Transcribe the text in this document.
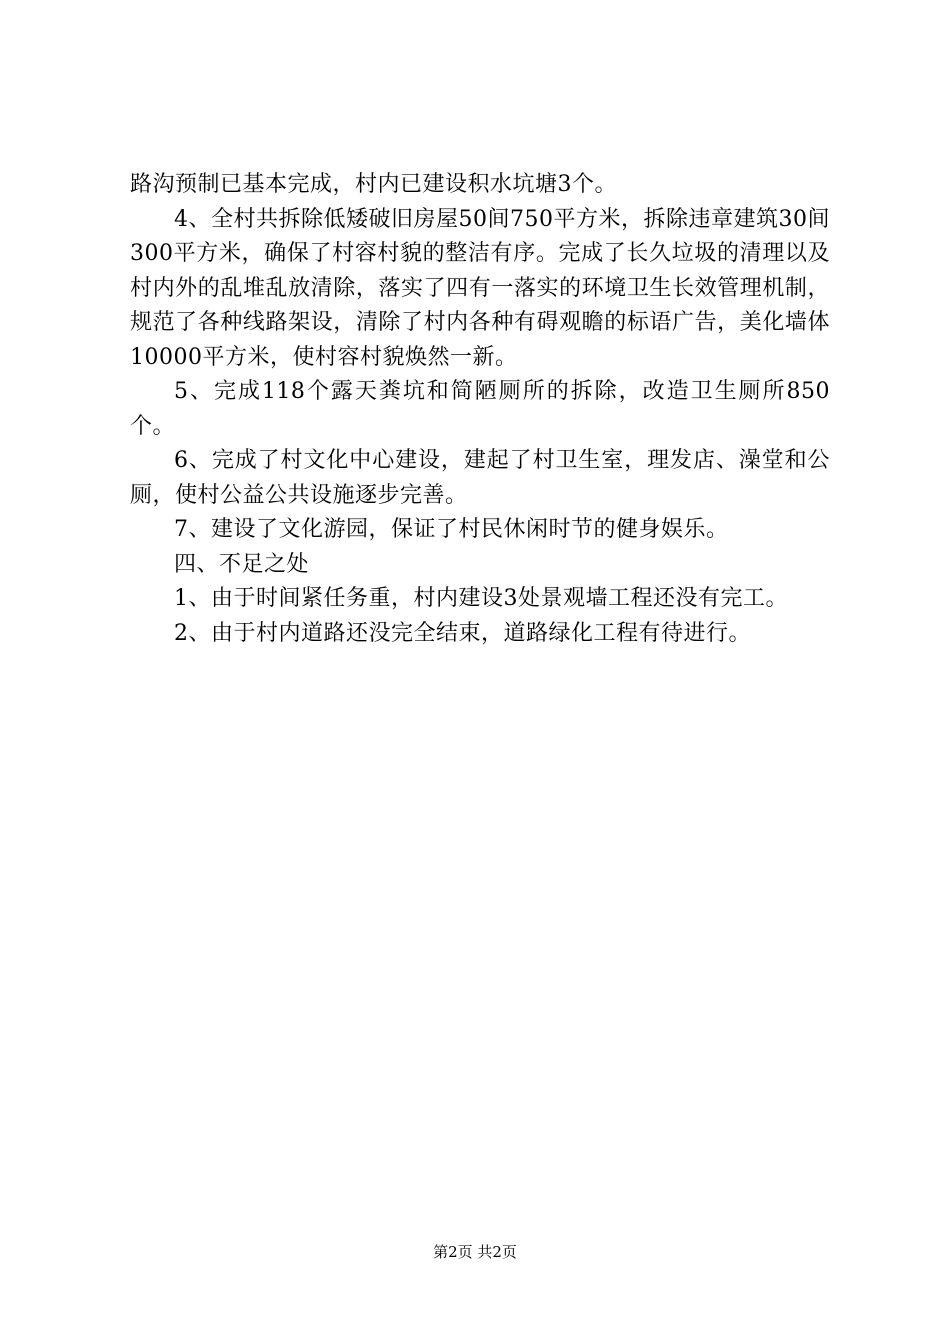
路沟预制已基本完成，村内已建设积水坑塘3个。

4、全村共拆除低矮破旧房屋50间750平方米，拆除违章建筑30间300平方米，确保了村容村貌的整洁有序。完成了长久垃圾的清理以及村内外的乱堆乱放清除，落实了四有一落实的环境卫生长效管理机制，规范了各种线路架设，清除了村内各种有碍观瞻的标语广告，美化墙体10000平方米，使村容村貌焕然一新。

5、完成118个露天粪坑和简陋厕所的拆除，改造卫生厕所850个。

6、完成了村文化中心建设，建起了村卫生室，理发店、澡堂和公厕，使村公益公共设施逐步完善。

7、建设了文化游园，保证了村民休闲时节的健身娱乐。

四、不足之处

1、由于时间紧任务重，村内建设3处景观墙工程还没有完工。

2、由于村内道路还没完全结束，道路绿化工程有待进行。

第2页 共2页
